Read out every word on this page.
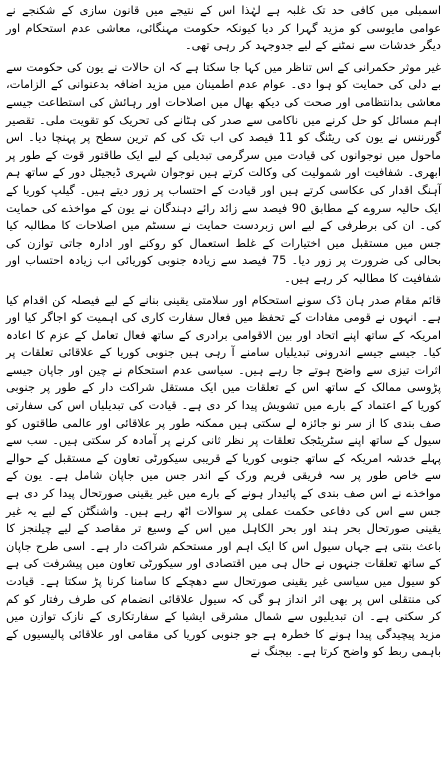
اسمبلی میں کافی حد تک غلبہ ہے لہٰذا اس کے نتیجے میں قانون سازی کے شکنجے نے عوامی مایوسی کو مزید گہرا کر دیا کیونکہ حکومت مہنگائی، معاشی عدم استحکام اور دیگر خدشات سے نمٹنے کے لیے جدوجہد کر رہی تھی۔

غیر موثر حکمرانی کے اس تناظر میں کہا جا سکتا ہے کہ ان حالات نے یون کی حکومت سے بے دلی کی حمایت کو ہوا دی۔ عوام عدم اطمینان میں مزید اضافہ بدعنوانی کے الزامات، معاشی بدانتظامی اور صحت کی دیکھ بھال میں اصلاحات اور رہائش کی استطاعت جیسے اہم مسائل کو حل کرنے میں ناکامی سے صدر کی ہٹانے کی تحریک کو تقویت ملی۔ تقصیر گورننس نے یون کی ریٹنگ کو 11 فیصد کی اب تک کی کم ترین سطح پر پہنچا دیا۔ اس ماحول میں نوجوانوں کی قیادت میں سرگرمی تبدیلی کے لیے ایک طاقتور قوت کے طور پر ابھری۔ شفافیت اور شمولیت کی وکالت کرتے ہیں نوجوان شہری ڈیجیٹل دور کے ساتھ ہم آہنگ اقدار کی عکاسی کرتے ہیں اور قیادت کے احتساب پر زور دیتے ہیں۔ گیلپ کوریا کے ایک حالیہ سروے کے مطابق 90 فیصد سے زائد رائے دہندگان نے یون کے مواخذے کی حمایت کی۔ ان کی برطرفی کے لیے اس زبردست حمایت نے سسٹم میں اصلاحات کا مطالبہ کیا جس میں مستقبل میں اختیارات کے غلط استعمال کو روکنے اور ادارہ جاتی توازن کی بحالی کی ضرورت پر زور دیا۔ 75 فیصد سے زیادہ جنوبی کوریائی اب زیادہ احتساب اور شفافیت کا مطالبہ کر رہے ہیں۔

قائم مقام صدر ہان ڈک سونے استحکام اور سلامتی یقینی بنانے کے لیے فیصلہ کن اقدام کیا ہے۔ انہوں نے قومی مفادات کے تحفظ میں فعال سفارت کاری کی اہمیت کو اجاگر کیا اور امریکہ کے ساتھ اپنے اتحاد اور بین الاقوامی برادری کے ساتھ فعال تعامل کے عزم کا اعادہ کیا۔ جیسے جیسے اندرونی تبدیلیاں سامنے آ رہی ہیں جنوبی کوریا کے علاقائی تعلقات پر اثرات تیزی سے واضح ہوتے جا رہے ہیں۔ سیاسی عدم استحکام نے چین اور جاپان جیسے پڑوسی ممالک کے ساتھ اس کے تعلقات میں ایک مستقل شراکت دار کے طور پر جنوبی کوریا کے اعتماد کے بارے میں تشویش پیدا کر دی ہے۔ قیادت کی تبدیلیاں اس کی سفارتی صف بندی کا از سر نو جائزہ لے سکتی ہیں ممکنہ طور پر علاقائی اور عالمی طاقتوں کو سیول کے ساتھ اپنے سٹریٹجک تعلقات پر نظر ثانی کرنے پر آمادہ کر سکتی ہیں۔ سب سے پہلے خدشہ امریکہ کے ساتھ جنوبی کوریا کے قریبی سیکورٹی تعاون کے مستقبل کے حوالے سے خاص طور پر سہ فریقی فریم ورک کے اندر جس میں جاپان شامل ہے۔ یون کے مواخذے نے اس صف بندی کے پائیدار ہونے کے بارے میں غیر یقینی صورتحال پیدا کر دی ہے جس سے اس کی دفاعی حکمت عملی پر سوالات اٹھ رہے ہیں۔ واشنگٹن کے لیے یہ غیر یقینی صورتحال بحر ہند اور بحر الکاہل میں اس کے وسیع تر مقاصد کے لیے چیلنجز کا باعث بنتی ہے جہاں سیول اس کا ایک اہم اور مستحکم شراکت دار ہے۔ اسی طرح جاپان کے ساتھ تعلقات جنہوں نے حال ہی میں اقتصادی اور سیکورٹی تعاون میں پیشرفت کی ہے کو سیول میں سیاسی غیر یقینی صورتحال سے دھچکے کا سامنا کرنا پڑ سکتا ہے۔ قیادت کی منتقلی اس پر بھی اثر انداز ہو گی کہ سیول علاقائی انضمام کی طرف رفتار کو کم کر سکتی ہے۔ ان تبدیلیوں سے شمال مشرقی ایشیا کے سفارتکاری کے نازک توازن میں مزید پیچیدگی پیدا ہونے کا خطرہ ہے جو جنوبی کوریا کی مقامی اور علاقائی پالیسیوں کے باہمی ربط کو واضح کرتا ہے۔ بیجنگ نے
